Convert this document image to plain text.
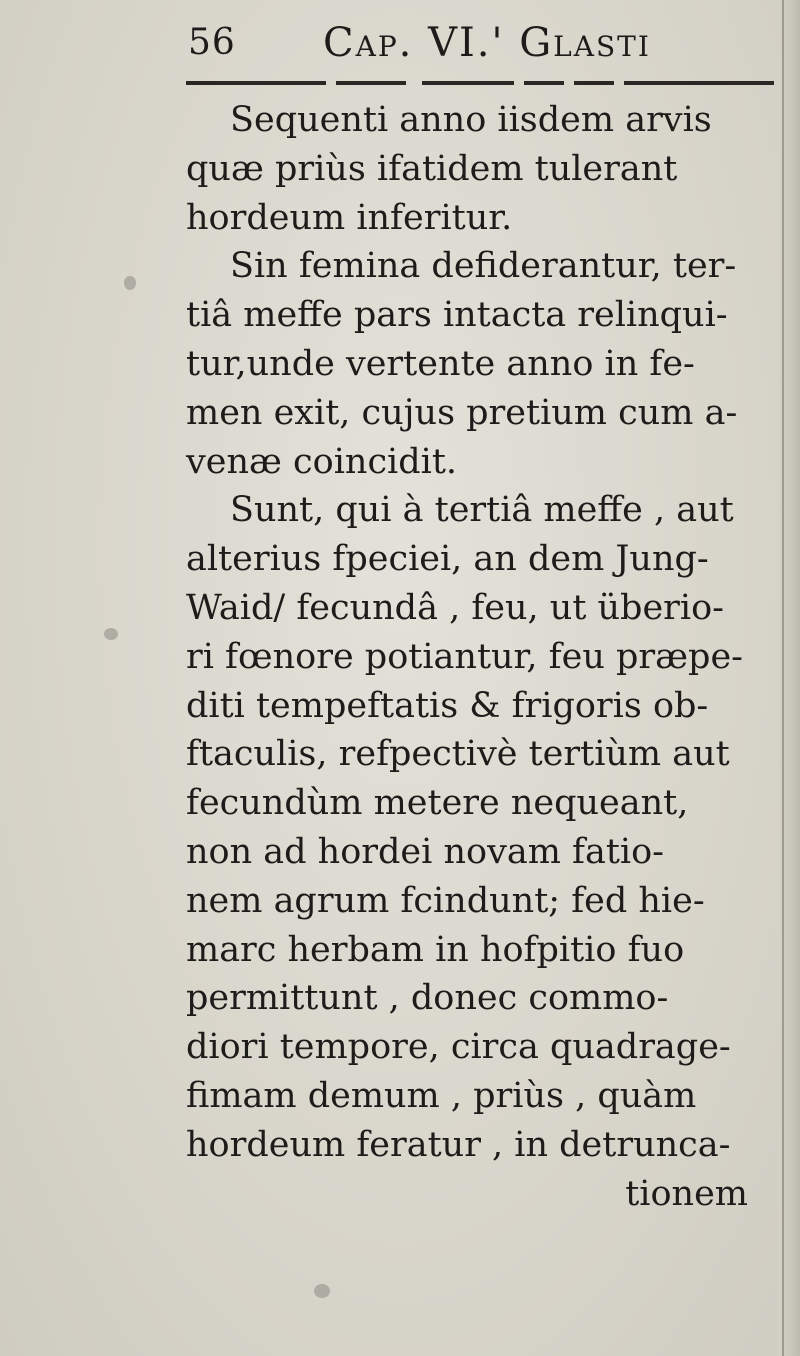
56 Cap. VI.' Glasti
Sequenti anno iisdem arvis
quæ priùs ifatidem tulerant
hordeum inferitur.
Sin femina defiderantur, ter-
tiâ meffe pars intacta relinqui-
tur,unde vertente anno in fe-
men exit, cujus pretium cum a-
venæ coincidit.
Sunt, qui à tertiâ meffe , aut
alterius fpeciei, an dem Jung-
Waid/ fecundâ , feu, ut überio-
ri fœnore potiantur, feu præpe-
diti tempeftatis & frigoris ob-
ftaculis, refpectivè tertiùm aut
fecundùm metere nequeant,
non ad hordei novam fatio-
nem agrum fcindunt; fed hie-
marc herbam in hofpitio fuo
permittunt , donec commo-
diori tempore, circa quadrage-
fimam demum , priùs , quàm
hordeum feratur , in detrunca-
tionem
